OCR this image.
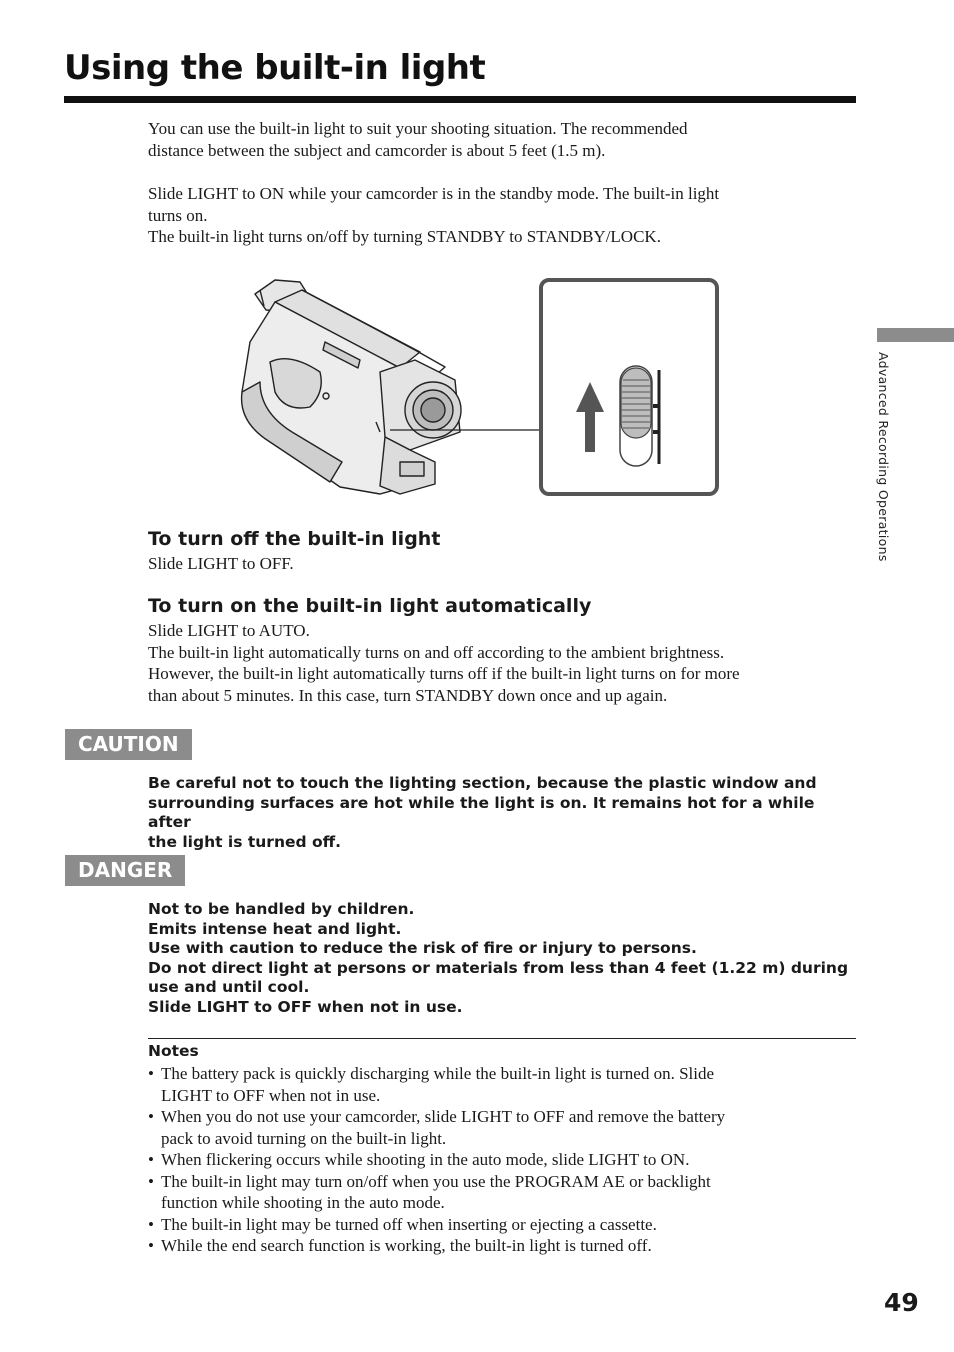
Using the built-in light

You can use the built-in light to suit your shooting situation. The recommended
distance between the subject and camcorder is about 5 feet (1.5 m).

Slide LIGHT to ON while your camcorder is in the standby mode. The built-in light
turns on.
The built-in light turns on/off by turning STANDBY to STANDBY/LOCK.

To turn off the built-in light

Slide LIGHT to OFF.

To turn on the built-in light automatically

Slide LIGHT to AUTO.
The built-in light automatically turns on and off according to the ambient brightness.
However, the built-in light automatically turns off if the built-in light turns on for more
than about 5 minutes. In this case, turn STANDBY down once and up again.

CAUTION
Be careful not to touch the lighting section, because the plastic window and
surrounding surfaces are hot while the light is on. It remains hot for a while after
the light is turned off.
DANGER
Not to be handled by children.
Emits intense heat and light.
Use with caution to reduce the risk of fire or injury to persons.
Do not direct light at persons or materials from less than 4 feet (1.22 m) during
use and until cool.
Slide LIGHT to OFF when not in use.
Notes
• The battery pack is quickly discharging while the built-in light is turned on. Slide
LIGHT to OFF when not in use.
• When you do not use your camcorder, slide LIGHT to OFF and remove the battery
pack to avoid turning on the built-in light.
• When flickering occurs while shooting in the auto mode, slide LIGHT to ON.
• The built-in light may turn on/off when you use the PROGRAM AE or backlight
function while shooting in the auto mode.
• The built-in light may be turned off when inserting or ejecting a cassette.
• While the end search function is working, the built-in light is turned off.
Advanced Recording Operations
49
